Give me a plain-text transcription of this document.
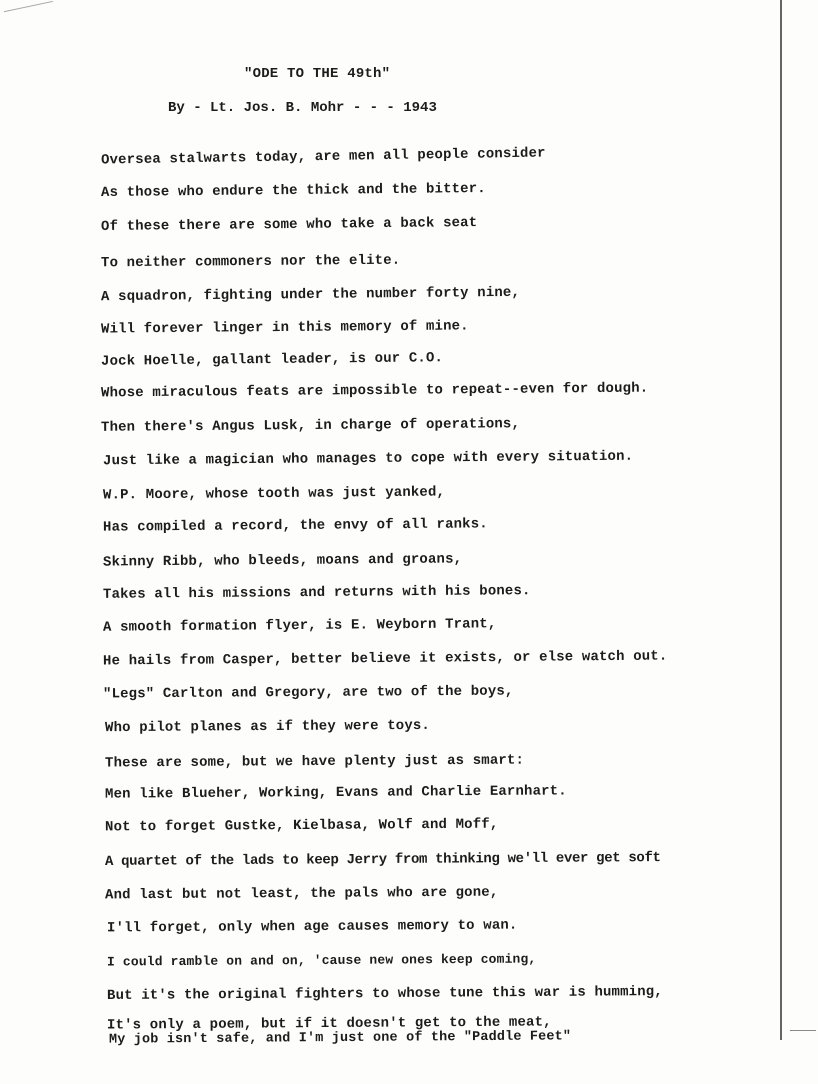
"ODE TO THE 49th"
By - Lt. Jos. B. Mohr - - - 1943
Oversea stalwarts today, are men all people consider
As those who endure the thick and the bitter.
Of these there are some who take a back seat
To neither commoners nor the elite.
A squadron, fighting under the number forty nine,
Will forever linger in this memory of mine.
Jock Hoelle, gallant leader, is our C.O.
Whose miraculous feats are impossible to repeat--even for dough.
Then there's Angus Lusk, in charge of operations,
Just like a magician who manages to cope with every situation.
W.P. Moore, whose tooth was just yanked,
Has compiled a record, the envy of all ranks.
Skinny Ribb, who bleeds, moans and groans,
Takes all his missions and returns with his bones.
A smooth formation flyer, is E. Weyborn Trant,
He hails from Casper, better believe it exists, or else watch out.
"Legs" Carlton and Gregory, are two of the boys,
Who pilot planes as if they were toys.
These are some, but we have plenty just as smart:
Men like Blueher, Working, Evans and Charlie Earnhart.
Not to forget Gustke, Kielbasa, Wolf and Moff,
A quartet of the lads to keep Jerry from thinking we'll ever get soft
And last but not least, the pals who are gone,
I'll forget, only when age causes memory to wan.
I could ramble on and on, 'cause new ones keep coming,
But it's the original fighters to whose tune this war is humming,
It's only a poem, but if it doesn't get to the meat,
My job isn't safe, and I'm just one of the "Paddle Feet"
